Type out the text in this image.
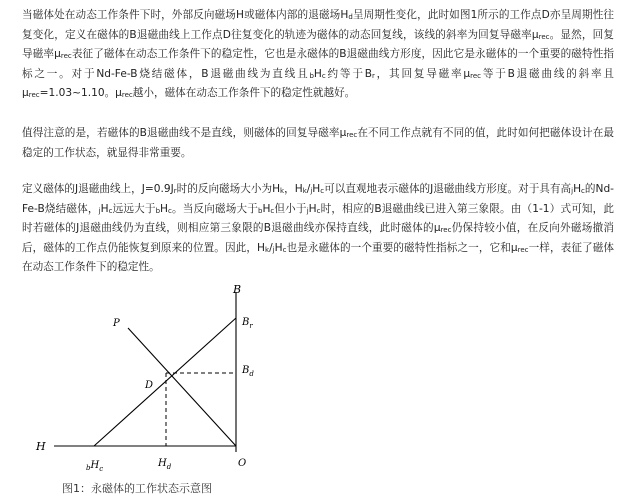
当磁体处在动态工作条件下时，外部反向磁场H或磁体内部的退磁场$H_d$呈周期性变化，此时如图1所示的工作点D亦呈周期性往复变化，定义在磁体的B退磁曲线上工作点D往复变化的轨迹为磁体的动态回复线，该线的斜率为回复导磁率$\mu_{rec}$。显然，回复导磁率$\mu_{rec}$表征了磁体在动态工作条件下的稳定性，它也是永磁体的B退磁曲线方形度，因此它是永磁体的一个重要的磁特性指标之一。对于Nd-Fe-B烧结磁体，B退磁曲线为直线且$_bH_c$约等于$B_r$，其回复导磁率$\mu_{rec}$等于B退磁曲线的斜率且$\mu_{rec}=1.03\sim 1.10$。$\mu_{rec}$越小，磁体在动态工作条件下的稳定性就越好。

值得注意的是，若磁体的B退磁曲线不是直线，则磁体的回复导磁率$\mu_{rec}$在不同工作点就有不同的值，此时如何把磁体设计在最稳定的工作状态，就显得非常重要。

定义磁体的J退磁曲线上，$J=0.9J_r$时的反向磁场大小为$H_k$，$H_k/_jH_c$可以直观地表示磁体的J退磁曲线方形度。对于具有高$_jH_c$的Nd-Fe-B烧结磁体，$_jH_c$远远大于$_bH_c$。当反向磁场大于$_bH_c$但小于$_jH_c$时，相应的B退磁曲线已进入第三象限。由（1-1）式可知，此时若磁体的J退磁曲线仍为直线，则相应第三象限的B退磁曲线亦保持直线，此时磁体的$\mu_{rec}$仍保持较小值，在反向外磁场撤消后，磁体的工作点仍能恢复到原来的位置。因此，$H_k/_jH_c$也是永磁体的一个重要的磁特性指标之一，它和$\mu_{rec}$一样，表征了磁体在动态工作条件下的稳定性。

B
$B_r$
$B_d$
P
D
H
$_bH_c$	$H_d$	O
图1：永磁体的工作状态示意图
